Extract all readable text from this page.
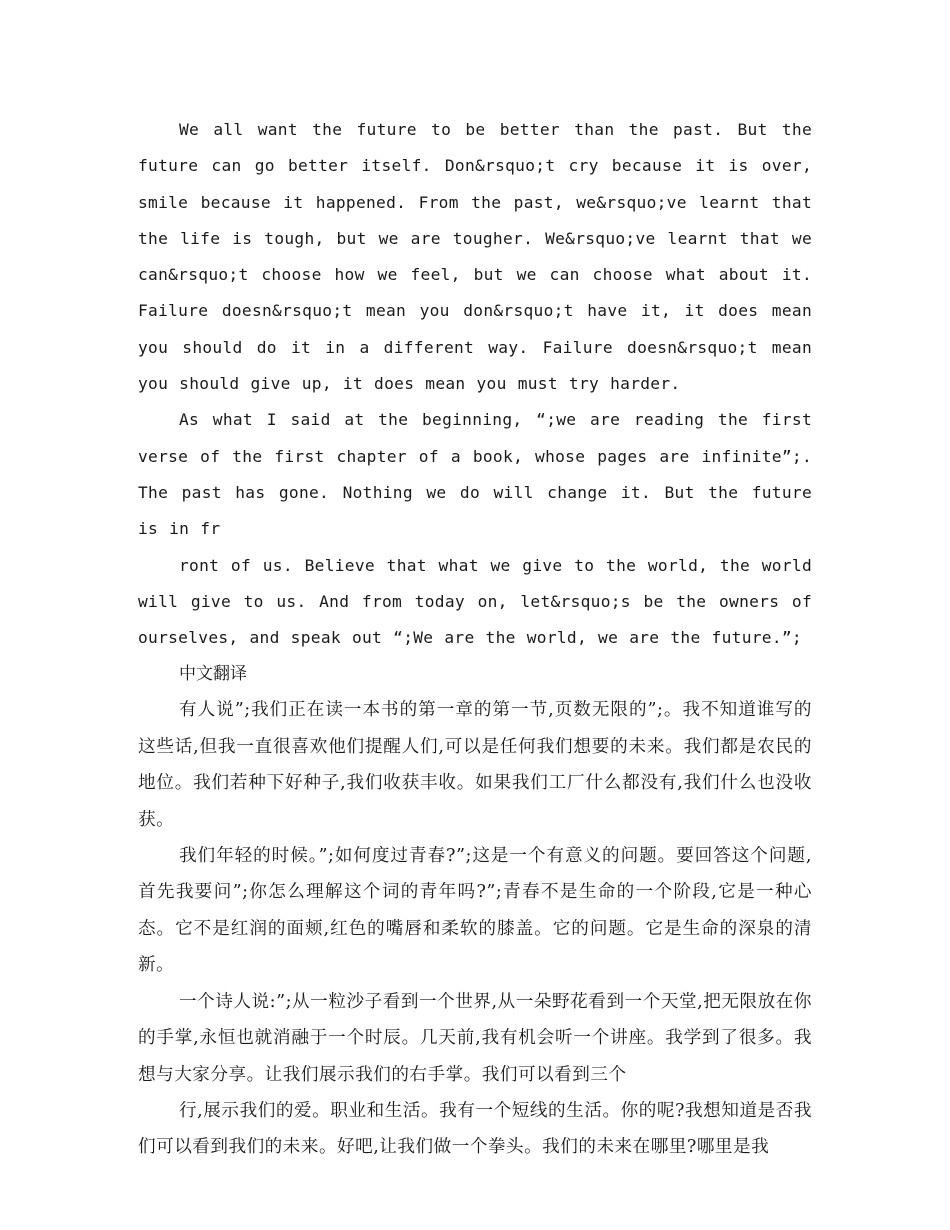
We all want the future to be better than the past. But the future can go better itself. Don&rsquo;t cry because it is over, smile because it happened. From the past, we&rsquo;ve learnt that the life is tough, but we are tougher. We&rsquo;ve learnt that we can&rsquo;t choose how we feel, but we can choose what about it. Failure doesn&rsquo;t mean you don&rsquo;t have it, it does mean you should do it in a different way. Failure doesn&rsquo;t mean you should give up, it does mean you must try harder.

As what I said at the beginning, “;we are reading the first verse of the first chapter of a book, whose pages are infinite”;. The past has gone. Nothing we do will change it. But the future is in fr

ront of us. Believe that what we give to the world, the world will give to us. And from today on, let&rsquo;s be the owners of ourselves, and speak out “;We are the world, we are the future.”;

中文翻译

有人说”;我们正在读一本书的第一章的第一节,页数无限的”;。我不知道谁写的这些话,但我一直很喜欢他们提醒人们,可以是任何我们想要的未来。我们都是农民的地位。我们若种下好种子,我们收获丰收。如果我们工厂什么都没有,我们什么也没收获。

我们年轻的时候。”;如何度过青春?”;这是一个有意义的问题。要回答这个问题,首先我要问”;你怎么理解这个词的青年吗?”;青春不是生命的一个阶段,它是一种心态。它不是红润的面颊,红色的嘴唇和柔软的膝盖。它的问题。它是生命的深泉的清新。

一个诗人说:”;从一粒沙子看到一个世界,从一朵野花看到一个天堂,把无限放在你的手掌,永恒也就消融于一个时辰。几天前,我有机会听一个讲座。我学到了很多。我想与大家分享。让我们展示我们的右手掌。我们可以看到三个

行,展示我们的爱。职业和生活。我有一个短线的生活。你的呢?我想知道是否我们可以看到我们的未来。好吧,让我们做一个拳头。我们的未来在哪里?哪里是我
